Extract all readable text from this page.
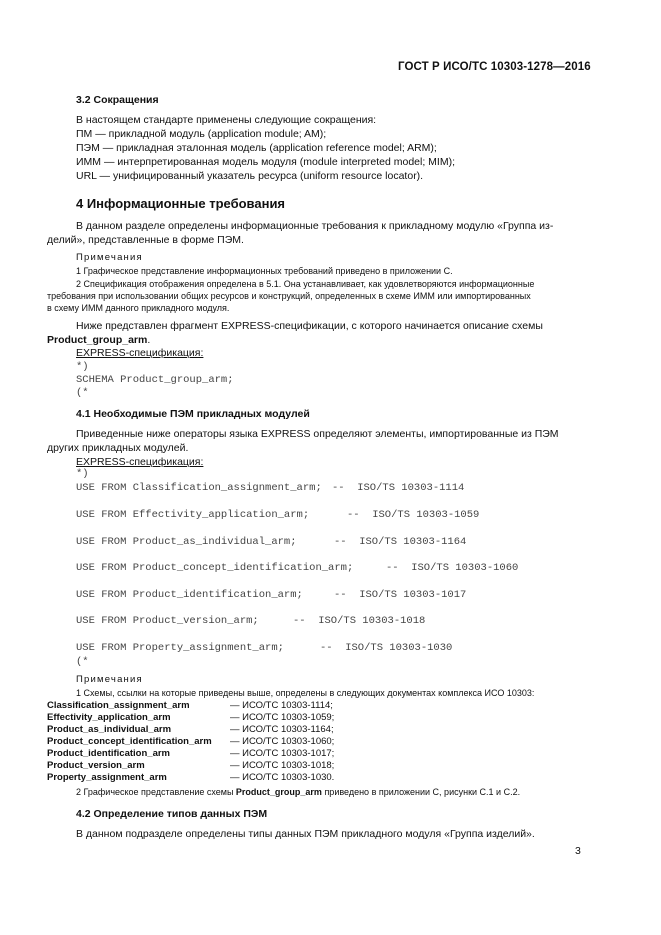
ГОСТ Р ИСО/ТС 10303-1278—2016
3.2 Сокращения
В настоящем стандарте применены следующие сокращения:
ПМ — прикладной модуль (application module; AM);
ПЭМ — прикладная эталонная модель (application reference model; ARM);
ИММ — интерпретированная модель модуля (module interpreted model; MIM);
URL — унифицированный указатель ресурса (uniform resource locator).
4 Информационные требования
В данном разделе определены информационные требования к прикладному модулю «Группа из-
делий», представленные в форме ПЭМ.
Примечания
1 Графическое представление информационных требований приведено в приложении С.
2 Спецификация отображения определена в 5.1. Она устанавливает, как удовлетворяются информационные
требования при использовании общих ресурсов и конструкций, определенных в схеме ИММ или импортированных
в схему ИММ данного прикладного модуля.
Ниже представлен фрагмент EXPRESS-спецификации, с которого начинается описание схемы
Product_group_arm.
EXPRESS-спецификация:
*)
SCHEMA Product_group_arm;
(*
4.1 Необходимые ПЭМ прикладных модулей
Приведенные ниже операторы языка EXPRESS определяют элементы, импортированные из ПЭМ
других прикладных модулей.
EXPRESS-спецификация:
*)
USE FROM Classification_assignment_arm; --  ISO/TS 10303-1114
USE FROM Effectivity_application_arm;	--  ISO/TS 10303-1059
USE FROM Product_as_individual_arm;	--  ISO/TS 10303-1164
USE FROM Product_concept_identification_arm;	--  ISO/TS 10303-1060
USE FROM Product_identification_arm;	--  ISO/TS 10303-1017
USE FROM Product_version_arm;	--  ISO/TS 10303-1018
USE FROM Property_assignment_arm;	--  ISO/TS 10303-1030
(*
Примечания
1 Схемы, ссылки на которые приведены выше, определены в следующих документах комплекса ИСО 10303:
Classification_assignment_arm	— ИСО/ТС 10303-1114;
Effectivity_application_arm	— ИСО/ТС 10303-1059;
Product_as_individual_arm	— ИСО/ТС 10303-1164;
Product_concept_identification_arm — ИСО/ТС 10303-1060;
Product_identification_arm	— ИСО/ТС 10303-1017;
Product_version_arm	— ИСО/ТС 10303-1018;
Property_assignment_arm	— ИСО/ТС 10303-1030.
2 Графическое представление схемы Product_group_arm приведено в приложении С, рисунки С.1 и С.2.
4.2 Определение типов данных ПЭМ
В данном подразделе определены типы данных ПЭМ прикладного модуля «Группа изделий».
3
